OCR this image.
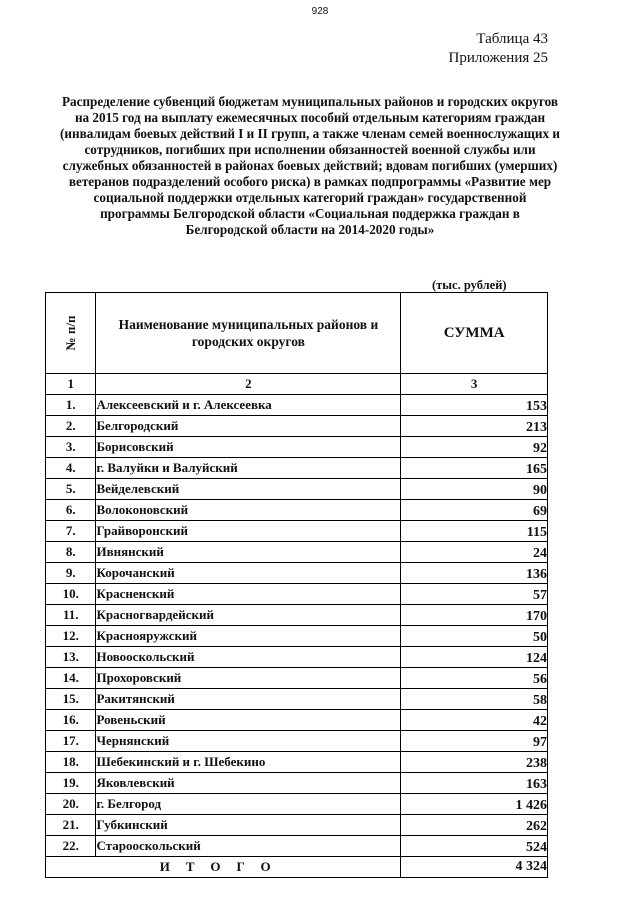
928
Таблица 43
Приложения 25
Распределение субвенций бюджетам муниципальных районов и городских округов на 2015 год на выплату ежемесячных пособий отдельным категориям граждан (инвалидам боевых действий I и II групп, а также членам семей военнослужащих и сотрудников, погибших при исполнении обязанностей военной службы или служебных обязанностей в районах боевых действий; вдовам погибших (умерших) ветеранов подразделений особого риска) в рамках подпрограммы «Развитие мер социальной поддержки отдельных категорий граждан» государственной программы Белгородской области «Социальная поддержка граждан в Белгородской области на 2014-2020 годы»
(тыс. рублей)
№ п/п	Наименование муниципальных районов и городских округов	СУММА
1	2	3
1.	Алексеевский и г. Алексеевка	153
2.	Белгородский	213
3.	Борисовский	92
4.	г. Валуйки и Валуйский	165
5.	Вейделевский	90
6.	Волоконовский	69
7.	Грайворонский	115
8.	Ивнянский	24
9.	Корочанский	136
10.	Красненский	57
11.	Красногвардейский	170
12.	Краснояружский	50
13.	Новооскольский	124
14.	Прохоровский	56
15.	Ракитянский	58
16.	Ровеньский	42
17.	Чернянский	97
18.	Шебекинский и г. Шебекино	238
19.	Яковлевский	163
20.	г. Белгород	1 426
21.	Губкинский	262
22.	Старооскольский	524
ИТОГО		4 324
